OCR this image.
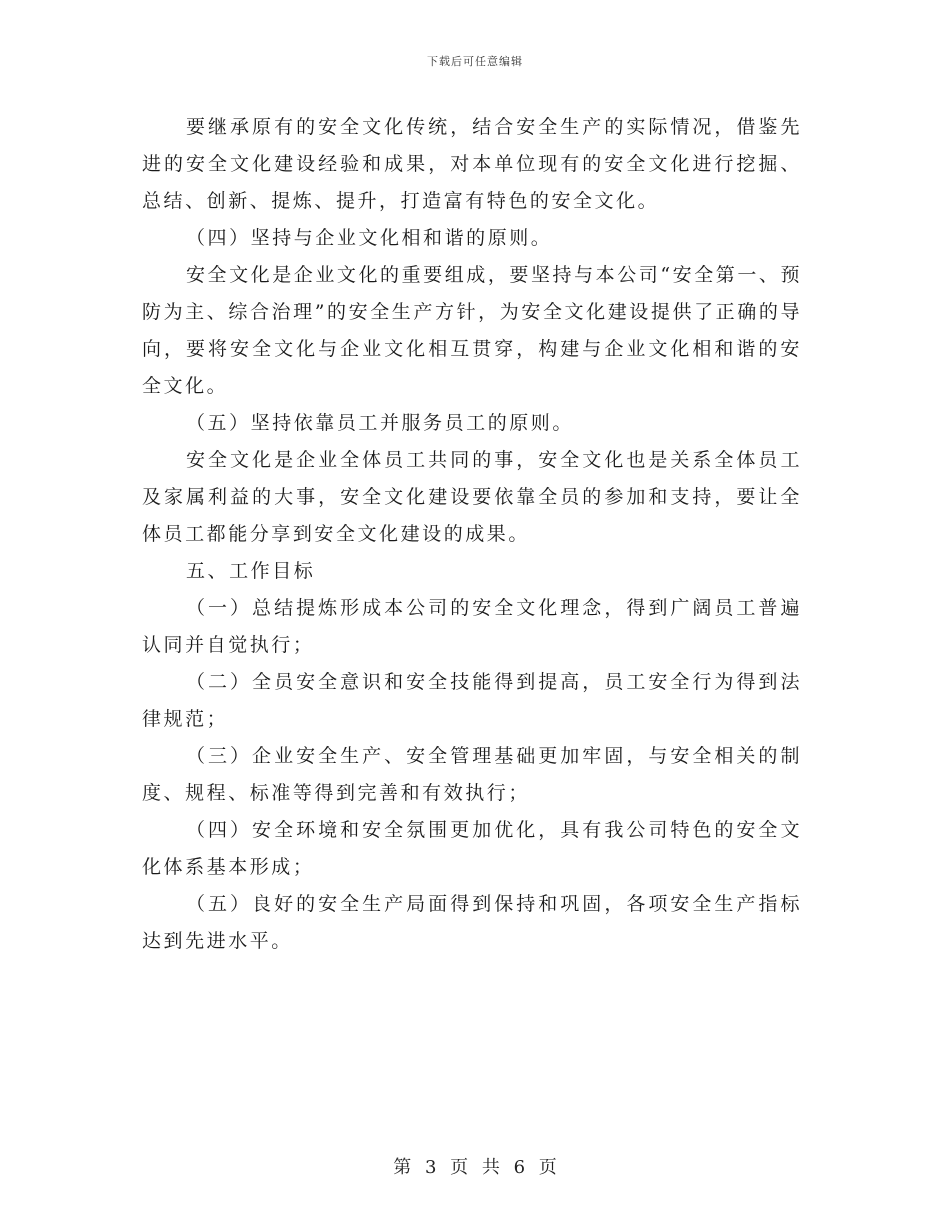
下载后可任意编辑

要继承原有的安全文化传统，结合安全生产的实际情况，借鉴先进的安全文化建设经验和成果，对本单位现有的安全文化进行挖掘、总结、创新、提炼、提升，打造富有特色的安全文化。

（四）坚持与企业文化相和谐的原则。

安全文化是企业文化的重要组成，要坚持与本公司“安全第一、预防为主、综合治理”的安全生产方针，为安全文化建设提供了正确的导向，要将安全文化与企业文化相互贯穿，构建与企业文化相和谐的安全文化。

（五）坚持依靠员工并服务员工的原则。

安全文化是企业全体员工共同的事，安全文化也是关系全体员工及家属利益的大事，安全文化建设要依靠全员的参加和支持，要让全体员工都能分享到安全文化建设的成果。

五、工作目标

（一）总结提炼形成本公司的安全文化理念，得到广阔员工普遍认同并自觉执行；

（二）全员安全意识和安全技能得到提高，员工安全行为得到法律规范；

（三）企业安全生产、安全管理基础更加牢固，与安全相关的制度、规程、标准等得到完善和有效执行；

（四）安全环境和安全氛围更加优化，具有我公司特色的安全文化体系基本形成；

（五）良好的安全生产局面得到保持和巩固，各项安全生产指标达到先进水平。

第 3 页 共 6 页
